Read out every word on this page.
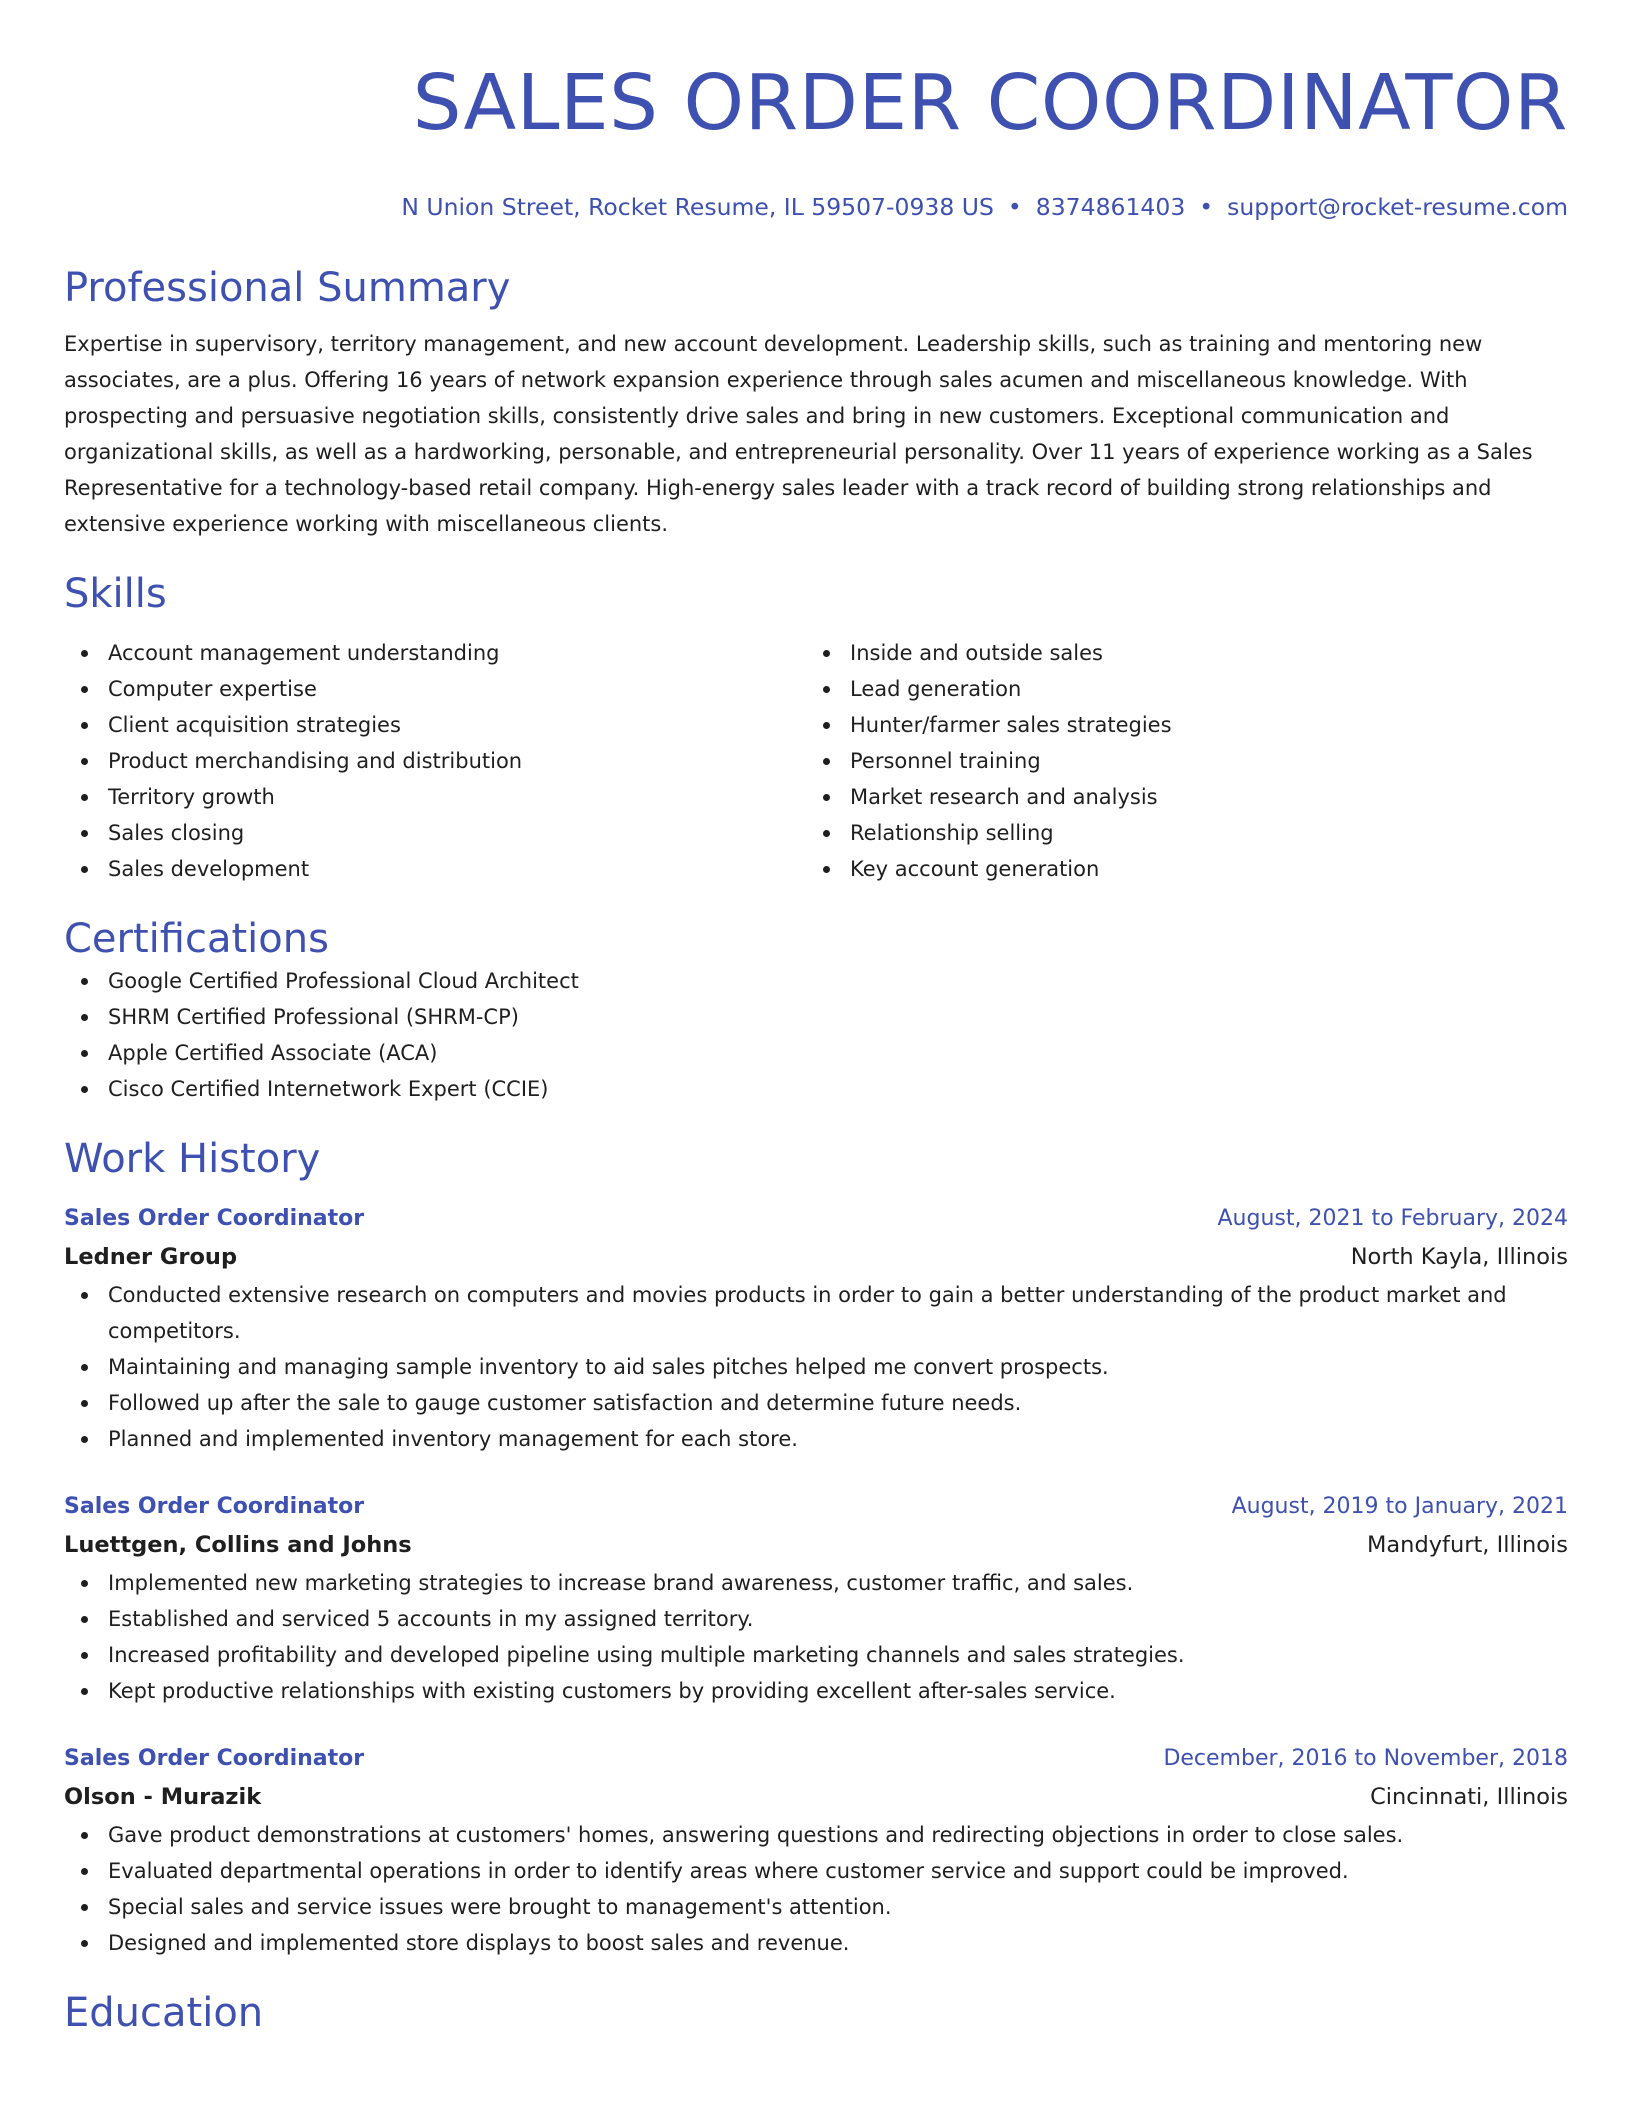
SALES ORDER COORDINATOR
N Union Street, Rocket Resume, IL 59507-0938 US • 8374861403 • support@rocket-resume.com
Professional Summary
Expertise in supervisory, territory management, and new account development. Leadership skills, such as training and mentoring new associates, are a plus. Offering 16 years of network expansion experience through sales acumen and miscellaneous knowledge. With prospecting and persuasive negotiation skills, consistently drive sales and bring in new customers. Exceptional communication and organizational skills, as well as a hardworking, personable, and entrepreneurial personality. Over 11 years of experience working as a Sales Representative for a technology-based retail company. High-energy sales leader with a track record of building strong relationships and extensive experience working with miscellaneous clients.
Skills
Account management understanding
Computer expertise
Client acquisition strategies
Product merchandising and distribution
Territory growth
Sales closing
Sales development
Inside and outside sales
Lead generation
Hunter/farmer sales strategies
Personnel training
Market research and analysis
Relationship selling
Key account generation
Certifications
Google Certified Professional Cloud Architect
SHRM Certified Professional (SHRM-CP)
Apple Certified Associate (ACA)
Cisco Certified Internetwork Expert (CCIE)
Work History
Sales Order Coordinator	August, 2021 to February, 2024
Ledner Group	North Kayla, Illinois
Conducted extensive research on computers and movies products in order to gain a better understanding of the product market and competitors.
Maintaining and managing sample inventory to aid sales pitches helped me convert prospects.
Followed up after the sale to gauge customer satisfaction and determine future needs.
Planned and implemented inventory management for each store.
Sales Order Coordinator	August, 2019 to January, 2021
Luettgen, Collins and Johns	Mandyfurt, Illinois
Implemented new marketing strategies to increase brand awareness, customer traffic, and sales.
Established and serviced 5 accounts in my assigned territory.
Increased profitability and developed pipeline using multiple marketing channels and sales strategies.
Kept productive relationships with existing customers by providing excellent after-sales service.
Sales Order Coordinator	December, 2016 to November, 2018
Olson - Murazik	Cincinnati, Illinois
Gave product demonstrations at customers' homes, answering questions and redirecting objections in order to close sales.
Evaluated departmental operations in order to identify areas where customer service and support could be improved.
Special sales and service issues were brought to management's attention.
Designed and implemented store displays to boost sales and revenue.
Education
